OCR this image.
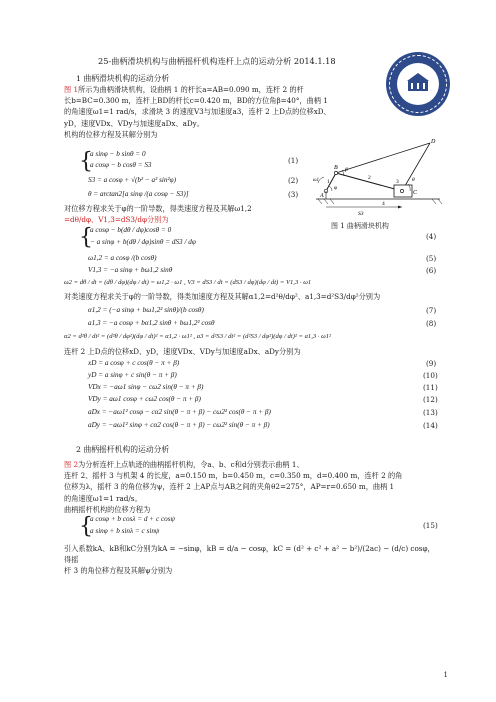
25-曲柄滑块机构与曲柄摇杆机构连杆上点的运动分析 2014.1.18
1 曲柄滑块机构的运动分析
图 1所示为曲柄滑块机构，设曲柄 1 的杆长a=AB=0.090 m，连杆 2 的杆
长b=BC=0.300 m，连杆上BD的杆长c=0.420 m，BD的方位角β=40°，曲柄 1
的角速度ω1=1 rad/s，求滑块 3 的速度V3与加速度a3，连杆 2 上D点的位移xD、
yD，速度VDx、VDy与加速度aDx、aDy。
机构的位移方程及其解分别为
{
a sinφ − b sinθ = 0
a cosφ − b cosθ = S3	(1)
S3 = a cosφ + √(b² − a² sin²φ)	(2)
θ = arctan2[a sinφ /(a cosφ − S3)]	(3)	A
B
C
D
1
2
3
4
φ
β
θ
ω1
S3
图 1 曲柄滑块机构
对位移方程求关于φ的一阶导数，得类速度方程及其解ω1,2
=dθ/dφ、V1,3=dS3/dφ分别为
{
a cosφ − b(dθ / dφ)cosθ = 0
− a sinφ + b(dθ / dφ)sinθ = dS3 / dφ
(4)
ω1,2 = a cosφ /(b cosθ)	(5)
V1,3 = −a sinφ + bω1,2 sinθ	(6)
ω2 = dθ / dt = (dθ / dφ)(dφ / dt) = ω1,2 · ω1 , V3 = dS3 / dt = (dS3 / dφ)(dφ / dt) = V1,3 · ω1
对类速度方程求关于φ的一阶导数，得类加速度方程及其解α1,2=d²θ/dφ²、a1,3=d²S3/dφ²分别为
α1,2 = (−a sinφ + bω1,2² sinθ)/(b cosθ)	(7)
a1,3 = −a cosφ + bα1,2 sinθ + bω1,2² cosθ	(8)
α2 = d²θ / dt² = (d²θ / dφ²)(dφ / dt)² = α1,2 · ω1² , a3 = d²S3 / dt² = (d²S3 / dφ²)(dφ / dt)² = a1,3 · ω1²
连杆 2 上D点的位移xD、yD，速度VDx、VDy与加速度aDx、aDy分别为
xD = a cosφ + c cos(θ − π + β)	(9)
yD = a sinφ + c sin(θ − π + β)	(10)
VDx = −aω1 sinφ − cω2 sin(θ − π + β)	(11)
VDy = aω1 cosφ + cω2 cos(θ − π + β)	(12)
aDx = −aω1² cosφ − cα2 sin(θ − π + β) − cω2² cos(θ − π + β)	(13)
aDy = −aω1² sinφ + cα2 cos(θ − π + β) − cω2² sin(θ − π + β)	(14)
2 曲柄摇杆机构的运动分析
图 2为分析连杆上点轨迹的曲柄摇杆机构，令a、b、c和d分别表示曲柄 1、
连杆 2、摇杆 3 与机架 4 的长度，a=0.150 m，b=0.450 m，c=0.350 m，d=0.400 m，连杆 2 的角
位移为λ，摇杆 3 的角位移为ψ，连杆 2 上AP点与AB之间的夹角θ2=275°，AP=r=0.650 m，曲柄 1
的角速度ω1=1 rad/s。
曲柄摇杆机构的位移方程为
{
a cosφ + b cosλ = d + c cosψ
a sinφ + b sinλ = c sinψ
(15)
引入系数kA、kB和kC分别为kA = −sinφ，kB = d/a − cosφ，kC = (d² + c² + a² − b²)/(2ac) − (d/c) cosφ，得摇
杆 3 的角位移方程及其解ψ分别为
1
